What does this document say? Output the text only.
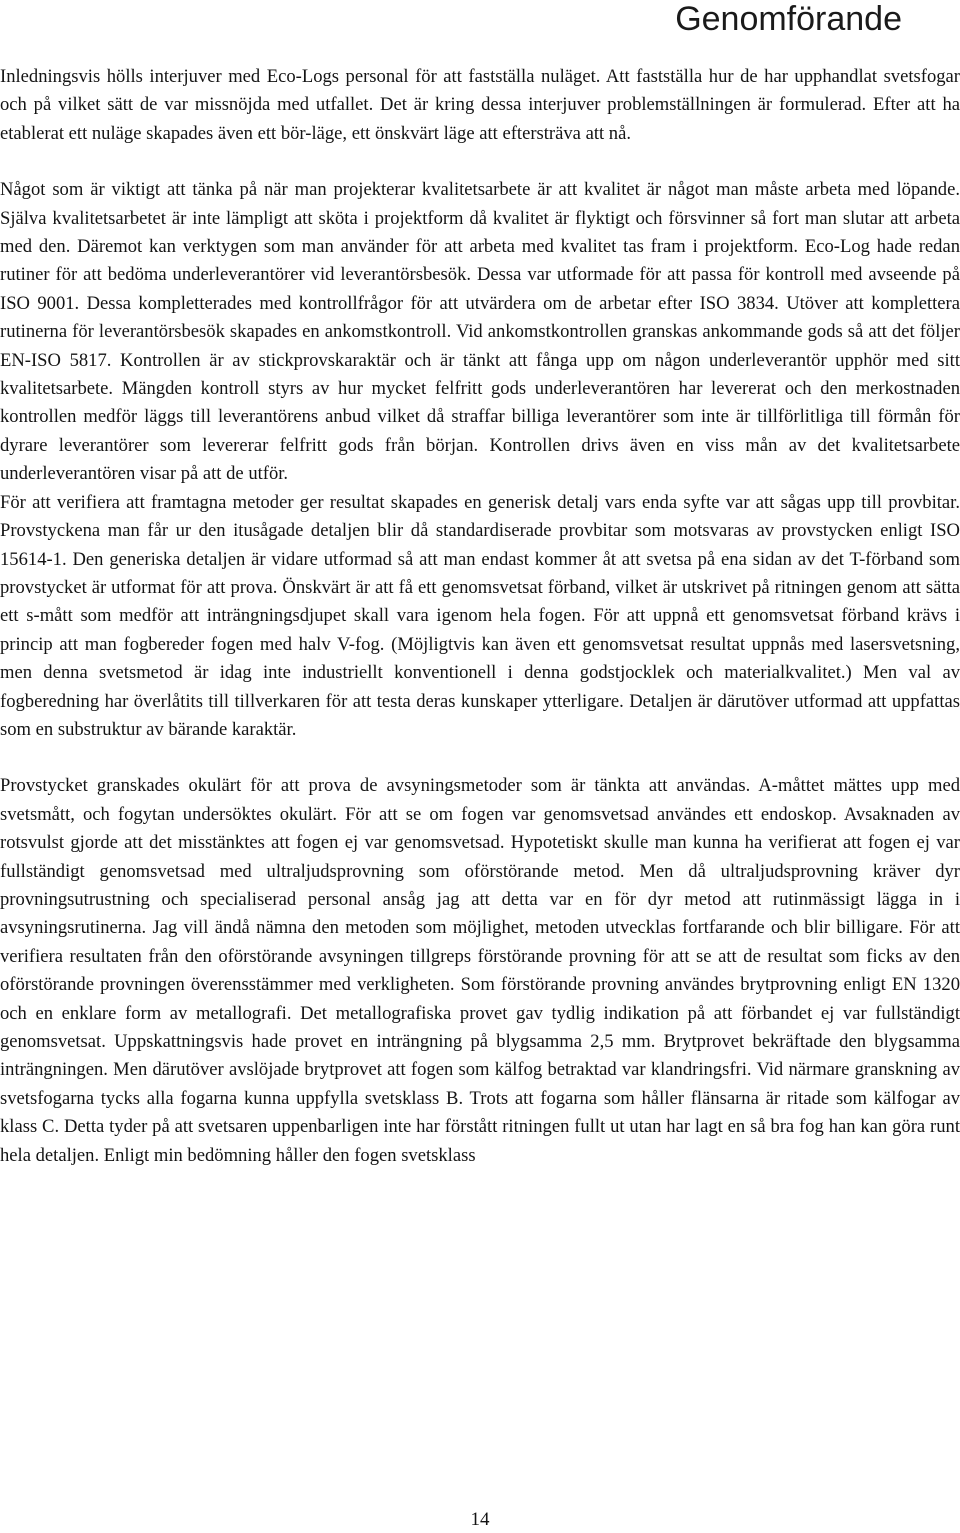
Genomförande

Inledningsvis hölls interjuver med Eco-Logs personal för att fastställa nuläget. Att fastställa hur de har upphandlat svetsfogar och på vilket sätt de var missnöjda med utfallet. Det är kring dessa interjuver problemställningen är formulerad. Efter att ha etablerat ett nuläge skapades även ett bör-läge, ett önskvärt läge att eftersträva att nå.

Något som är viktigt att tänka på när man projekterar kvalitetsarbete är att kvalitet är något man måste arbeta med löpande. Själva kvalitetsarbetet är inte lämpligt att sköta i projektform då kvalitet är flyktigt och försvinner så fort man slutar att arbeta med den. Däremot kan verktygen som man använder för att arbeta med kvalitet tas fram i projektform. Eco-Log hade redan rutiner för att bedöma underleverantörer vid leverantörsbesök. Dessa var utformade för att passa för kontroll med avseende på ISO 9001. Dessa kompletterades med kontrollfrågor för att utvärdera om de arbetar efter ISO 3834. Utöver att komplettera rutinerna för leverantörsbesök skapades en ankomstkontroll. Vid ankomstkontrollen granskas ankommande gods så att det följer EN-ISO 5817. Kontrollen är av stickprovskaraktär och är tänkt att fånga upp om någon underleverantör upphör med sitt kvalitetsarbete. Mängden kontroll styrs av hur mycket felfritt gods underleverantören har levererat och den merkostnaden kontrollen medför läggs till leverantörens anbud vilket då straffar billiga leverantörer som inte är tillförlitliga till förmån för dyrare leverantörer som levererar felfritt gods från början. Kontrollen drivs även en viss mån av det kvalitetsarbete underleverantören visar på att de utför.

För att verifiera att framtagna metoder ger resultat skapades en generisk detalj vars enda syfte var att sågas upp till provbitar. Provstyckena man får ur den itusågade detaljen blir då standardiserade provbitar som motsvaras av provstycken enligt ISO 15614-1. Den generiska detaljen är vidare utformad så att man endast kommer åt att svetsa på ena sidan av det T-förband som provstycket är utformat för att prova. Önskvärt är att få ett genomsvetsat förband, vilket är utskrivet på ritningen genom att sätta ett s-mått som medför att inträngningsdjupet skall vara igenom hela fogen. För att uppnå ett genomsvetsat förband krävs i princip att man fogbereder fogen med halv V-fog. (Möjligtvis kan även ett genomsvetsat resultat uppnås med lasersvetsning, men denna svetsmetod är idag inte industriellt konventionell i denna godstjocklek och materialkvalitet.) Men val av fogberedning har överlåtits till tillverkaren för att testa deras kunskaper ytterligare. Detaljen är därutöver utformad att uppfattas som en substruktur av bärande karaktär.

Provstycket granskades okulärt för att prova de avsyningsmetoder som är tänkta att användas. A-måttet mättes upp med svetsmått, och fogytan undersöktes okulärt. För att se om fogen var genomsvetsad användes ett endoskop. Avsaknaden av rotsvulst gjorde att det misstänktes att fogen ej var genomsvetsad. Hypotetiskt skulle man kunna ha verifierat att fogen ej var fullständigt genomsvetsad med ultraljudsprovning som oförstörande metod. Men då ultraljudsprovning kräver dyr provningsutrustning och specialiserad personal ansåg jag att detta var en för dyr metod att rutinmässigt lägga in i avsyningsrutinerna. Jag vill ändå nämna den metoden som möjlighet, metoden utvecklas fortfarande och blir billigare. För att verifiera resultaten från den oförstörande avsyningen tillgreps förstörande provning för att se att de resultat som ficks av den oförstörande provningen överensstämmer med verkligheten. Som förstörande provning användes brytprovning enligt EN 1320 och en enklare form av metallografi. Det metallografiska provet gav tydlig indikation på att förbandet ej var fullständigt genomsvetsat. Uppskattningsvis hade provet en inträngning på blygsamma 2,5 mm. Brytprovet bekräftade den blygsamma inträngningen. Men därutöver avslöjade brytprovet att fogen som kälfog betraktad var klandringsfri. Vid närmare granskning av svetsfogarna tycks alla fogarna kunna uppfylla svetsklass B. Trots att fogarna som håller flänsarna är ritade som kälfogar av klass C. Detta tyder på att svetsaren uppenbarligen inte har förstått ritningen fullt ut utan har lagt en så bra fog han kan göra runt hela detaljen. Enligt min bedömning håller den fogen svetsklass

14
